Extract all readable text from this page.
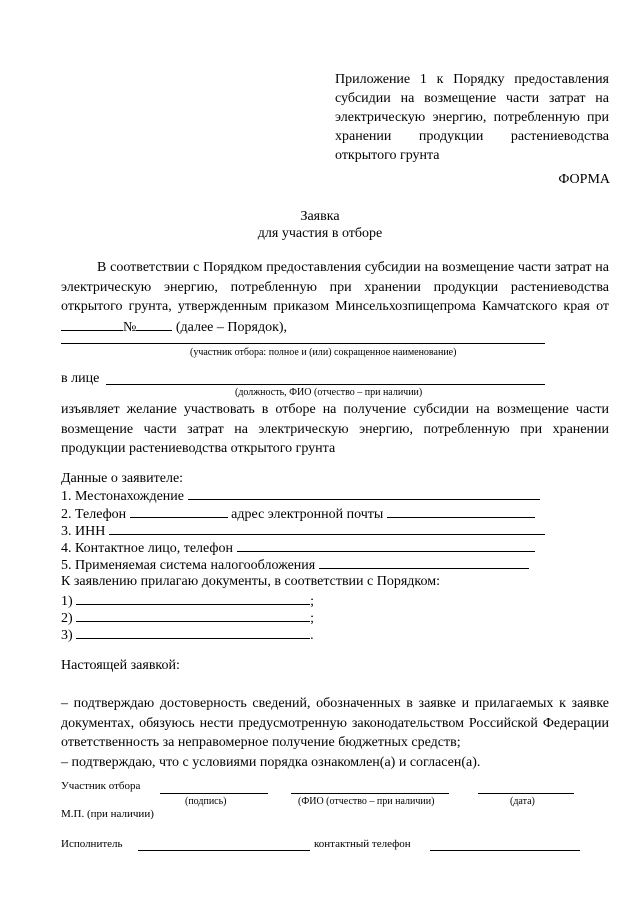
Приложение 1 к Порядку предоставления субсидии на возмещение части затрат на электрическую энергию, потребленную при хранении продукции растениеводства открытого грунта
ФОРМА
Заявка
для участия в отборе
В соответствии с Порядком предоставления субсидии на возмещение части затрат на электрическую энергию, потребленную при хранении продукции растениеводства открытого грунта, утвержденным приказом Минсельхозпищепрома Камчатского края от №	(далее – Порядок),
(участник отбора: полное и (или) сокращенное наименование)
в лице
(должность, ФИО (отчество – при наличии)
изъявляет желание участвовать в отборе на получение субсидии на возмещение части возмещение части затрат на электрическую энергию, потребленную при хранении продукции растениеводства открытого грунта
Данные о заявителе:
1. Местонахождение
2. Телефон	адрес электронной почты
3. ИНН
4. Контактное лицо, телефон
5. Применяемая система налогообложения
К заявлению прилагаю документы, в соответствии с Порядком:
1)	;
2)	;
3)	.
Настоящей заявкой:
– подтверждаю достоверность сведений, обозначенных в заявке и прилагаемых к заявке документах, обязуюсь нести предусмотренную законодательством Российской Федерации ответственность за неправомерное получение бюджетных средств;
– подтверждаю, что с условиями порядка ознакомлен(а) и согласен(а).
Участник отбора
(подпись)	(ФИО (отчество – при наличии)	(дата)
М.П. (при наличии)
Исполнитель	контактный телефон
